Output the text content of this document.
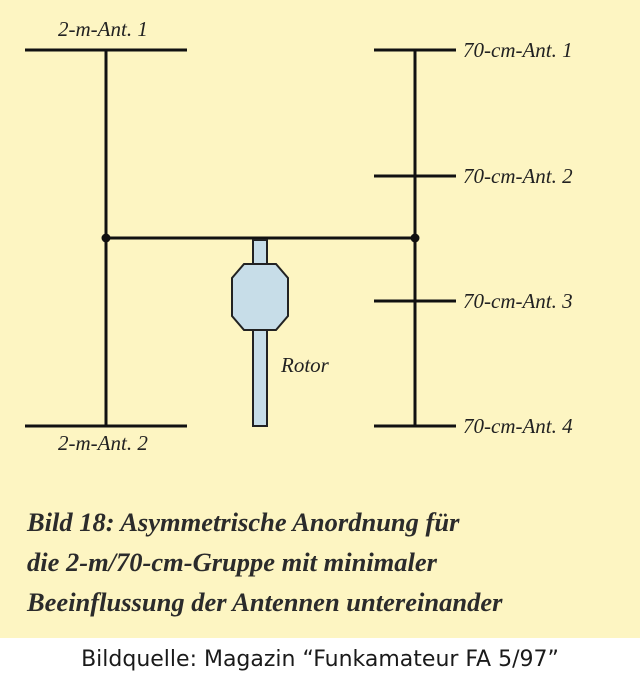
2-m-Ant. 1
2-m-Ant. 2
70-cm-Ant. 1
70-cm-Ant. 2
70-cm-Ant. 3
70-cm-Ant. 4
Rotor

Bild 18: Asymmetrische Anordnung für
die 2-m/70-cm-Gruppe mit minimaler
Beeinflussung der Antennen untereinander

Bildquelle: Magazin “Funkamateur FA 5/97”
